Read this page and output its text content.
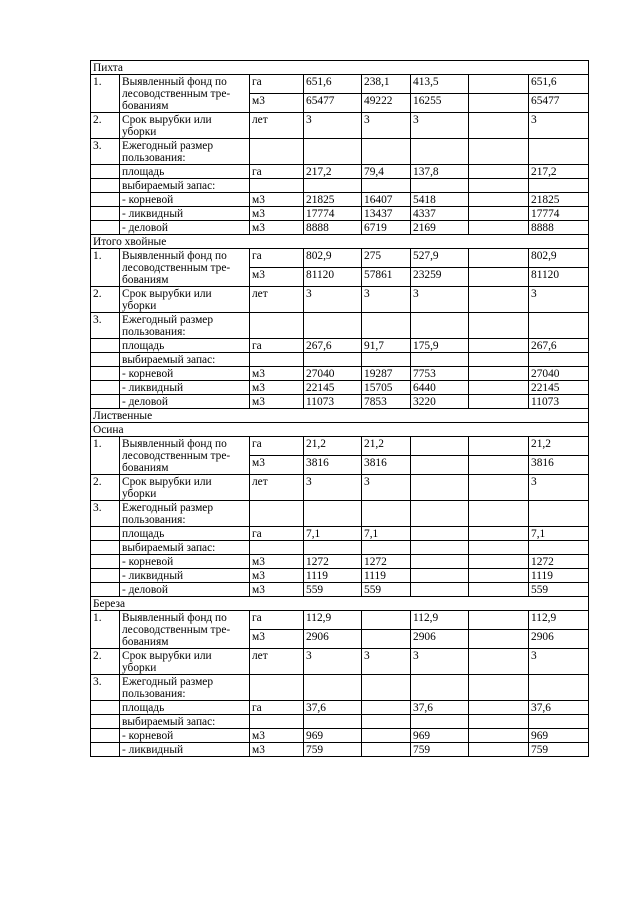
Пихта							
1.	Выявленный фонд по лесоводственным тре-бованиям	га	651,6	238,1	413,5		651,6
		м3	65477	49222	16255		65477
2.	Срок вырубки или уборки	лет	3	3	3		3
3.	Ежегодный размер пользования:						
	площадь	га	217,2	79,4	137,8		217,2
	выбираемый запас:						
	- корневой	м3	21825	16407	5418		21825
	- ликвидный	м3	17774	13437	4337		17774
	- деловой	м3	8888	6719	2169		8888
Итого хвойные							
1.	Выявленный фонд по лесоводственным тре-бованиям	га	802,9	275	527,9		802,9
		м3	81120	57861	23259		81120
2.	Срок вырубки или уборки	лет	3	3	3		3
3.	Ежегодный размер пользования:						
	площадь	га	267,6	91,7	175,9		267,6
	выбираемый запас:						
	- корневой	м3	27040	19287	7753		27040
	- ликвидный	м3	22145	15705	6440		22145
	- деловой	м3	11073	7853	3220		11073
Лиственные							
Осина							
1.	Выявленный фонд по лесоводственным тре-бованиям	га	21,2	21,2			21,2
		м3	3816	3816			3816
2.	Срок вырубки или уборки	лет	3	3			3
3.	Ежегодный размер пользования:						
	площадь	га	7,1	7,1			7,1
	выбираемый запас:						
	- корневой	м3	1272	1272			1272
	- ликвидный	м3	1119	1119			1119
	- деловой	м3	559	559			559
Береза							
1.	Выявленный фонд по лесоводственным тре-бованиям	га	112,9		112,9		112,9
		м3	2906		2906		2906
2.	Срок вырубки или уборки	лет	3	3	3		3
3.	Ежегодный размер пользования:						
	площадь	га	37,6		37,6		37,6
	выбираемый запас:						
	- корневой	м3	969		969		969
	- ликвидный	м3	759		759		759
